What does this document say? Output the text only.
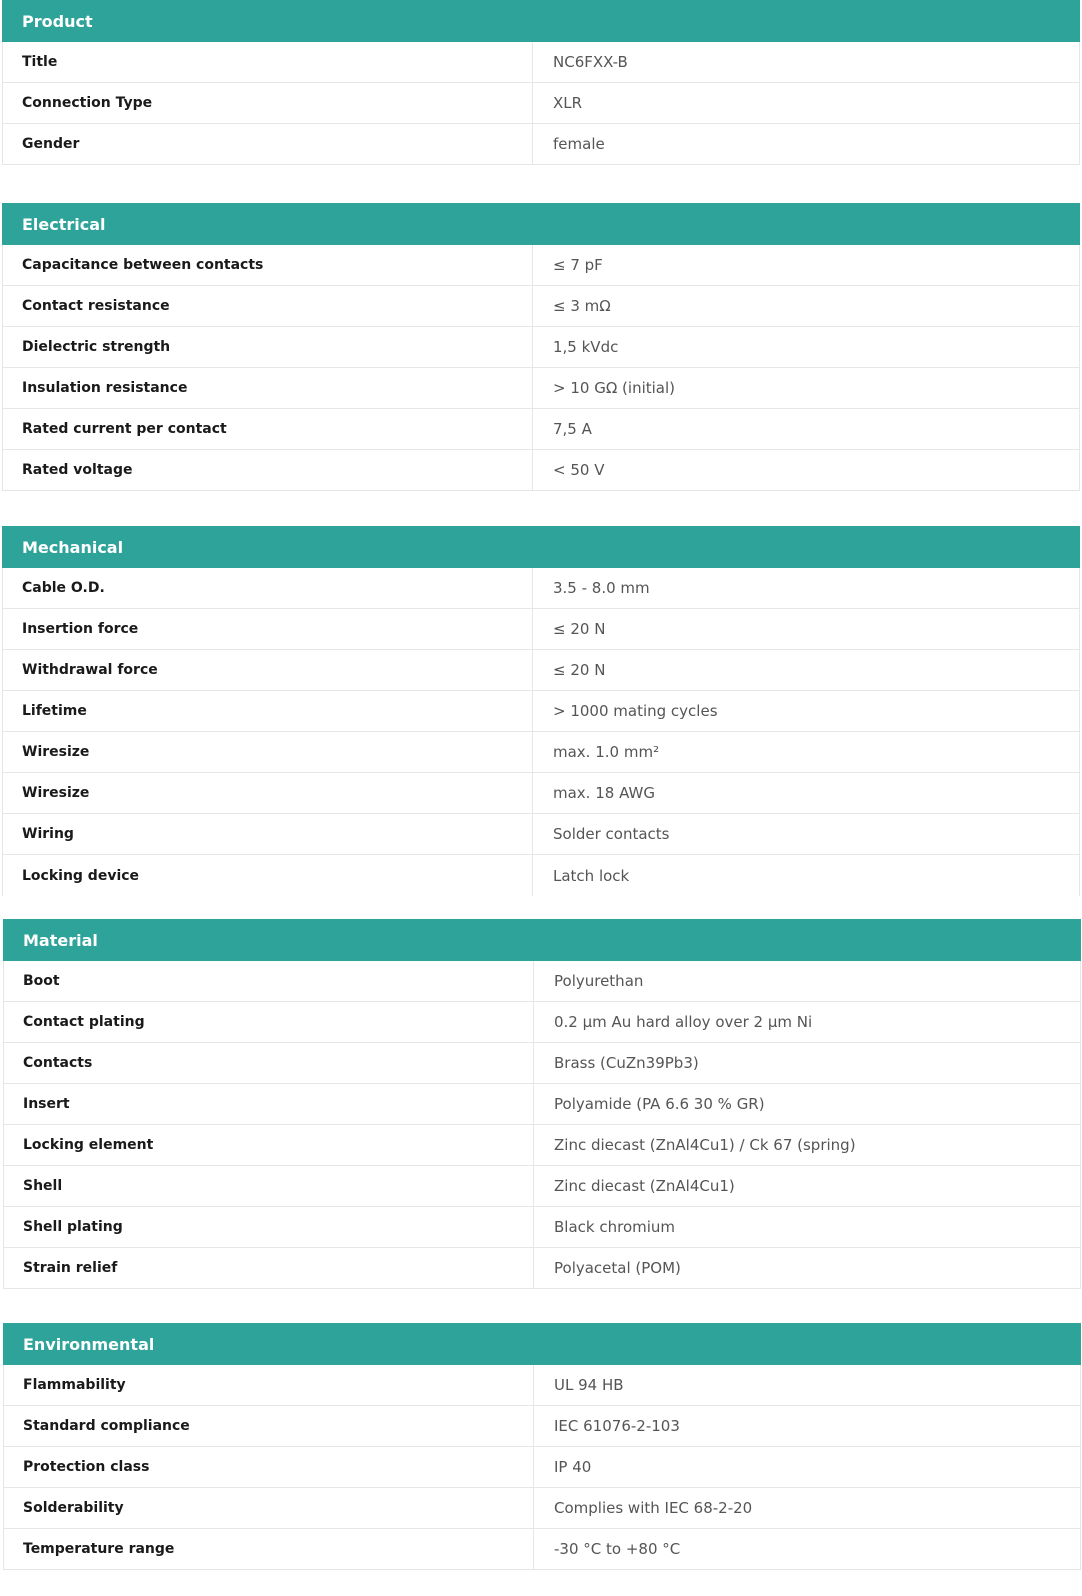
Product
Title	NC6FXX-B
Connection Type	XLR
Gender	female
Electrical
Capacitance between contacts	≤ 7 pF
Contact resistance	≤ 3 mΩ
Dielectric strength	1,5 kVdc
Insulation resistance	> 10 GΩ (initial)
Rated current per contact	7,5 A
Rated voltage	< 50 V
Mechanical
Cable O.D.	3.5 - 8.0 mm
Insertion force	≤ 20 N
Withdrawal force	≤ 20 N
Lifetime	> 1000 mating cycles
Wiresize	max. 1.0 mm²
Wiresize	max. 18 AWG
Wiring	Solder contacts
Locking device	Latch lock
Material
Boot	Polyurethan
Contact plating	0.2 µm Au hard alloy over 2 µm Ni
Contacts	Brass (CuZn39Pb3)
Insert	Polyamide (PA 6.6 30 % GR)
Locking element	Zinc diecast (ZnAl4Cu1) / Ck 67 (spring)
Shell	Zinc diecast (ZnAl4Cu1)
Shell plating	Black chromium
Strain relief	Polyacetal (POM)
Environmental
Flammability	UL 94 HB
Standard compliance	IEC 61076-2-103
Protection class	IP 40
Solderability	Complies with IEC 68-2-20
Temperature range	-30 °C to +80 °C
